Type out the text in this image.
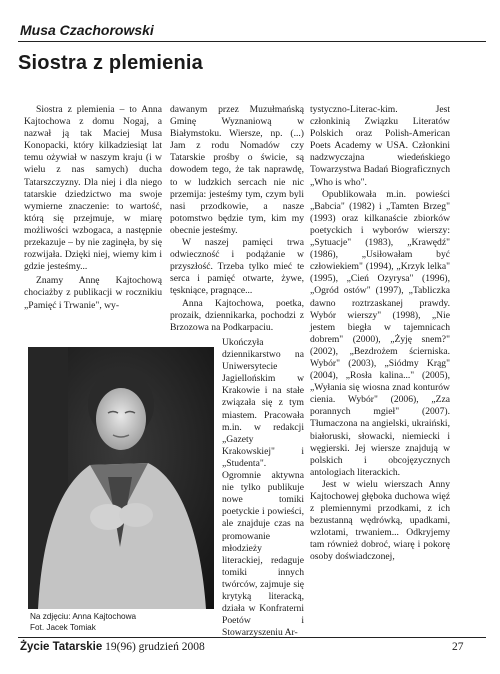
Musa Czachorowski
Siostra z plemienia

Siostra z plemienia – to Anna Kajtochowa z domu Nogaj, a nazwał ją tak Maciej Musa Konopacki, który kilkadziesiąt lat temu ożywiał w naszym kraju (i w wielu z nas samych) ducha Tatarszczyzny. Dla niej i dla niego tatarskie dziedzictwo ma swoje wymierne znaczenie: to wartość, którą się przejmuje, w miarę możliwości wzbogaca, a następnie przekazuje – by nie zaginęła, by się rozwijała. Dzięki niej, wiemy kim i gdzie jesteśmy...

Znamy Annę Kajtochową chociażby z publikacji w rocznikiu „Pamięć i Trwanie", wy-

dawanym przez Muzułmańską Gminę Wyznaniową w Białymstoku. Wiersze, np. (...) Jam z rodu Nomadów czy Tatarskie prośby o świcie, są dowodem tego, że tak naprawdę, to w ludzkich sercach nie nic przemija: jesteśmy tym, czym byli nasi przodkowie, a nasze potomstwo będzie tym, kim my obecnie jesteśmy.

W naszej pamięci trwa odwieczność i podążanie w przyszłość. Trzeba tylko mieć te serca i pamięć otwarte, żywe, tęskniące, pragnące...

Anna Kajtochowa, poetka, prozaik, dziennikarka, pochodzi z Brzozowa na Podkarpaciu.

Ukończyła dziennikarstwo na Uniwersytecie Jagiellońskim w Krakowie i na stałe związała się z tym miastem. Pracowała m.in. w redakcji „Gazety Krakowskiej" i „Studenta". Ogromnie aktywna nie tylko publikuje nowe tomiki poetyckie i powieści, ale znajduje czas na promowanie młodzieży literackiej, redaguje tomiki innych twórców, zajmuje się krytyką literacką, działa w Konfraterni Poetów i Stowarzyszeniu Ar-

tystyczno-Literac-kim. Jest członkinią Związku Literatów Polskich oraz Polish-American Poets Academy w USA. Członkini nadzwyczajna wiedeńskiego Towarzystwa Badań Biograficznych „Who is who".

Opublikowała m.in. powieści „Babcia" (1982) i „Tamten Brzeg" (1993) oraz kilkanaście zbiorków poetyckich i wyborów wierszy: „Sytuacje" (1983), „Krawędź" (1986), „Usiłowałam być człowiekiem" (1994), „Krzyk lelka" (1995), „Cień Ozyrysa" (1996), „Ogród ostów" (1997), „Tabliczka dawno roztrzaskanej prawdy. Wybór wierszy" (1998), „Nie jestem biegła w tajemnicach dobrem" (2000), „Żyję snem?" (2002), „Bezdrożem ścierniska. Wybór" (2003), „Siódmy Krąg" (2004), „Rosła kalina..." (2005), „Wyłania się wiosna znad konturów cienia. Wybór" (2006), „Zza porannych mgieł" (2007). Tłumaczona na angielski, ukraiński, białoruski, słowacki, niemiecki i węgierski. Jej wiersze znajdują w polskich i obcojęzycznych antologiach literackich.

Jest w wielu wierszach Anny Kajtochowej głęboka duchowa więź z plemiennymi przodkami, z ich bezustanną wędrówką, upadkami, wzlotami, trwaniem... Odkryjemy tam również dobroć, wiarę i pokorę osoby doświadczonej,

Na zdjęciu: Anna Kajtochowa
Fot. Jacek Tomiak
Życie Tatarskie 19(96) grudzień 2008	27
